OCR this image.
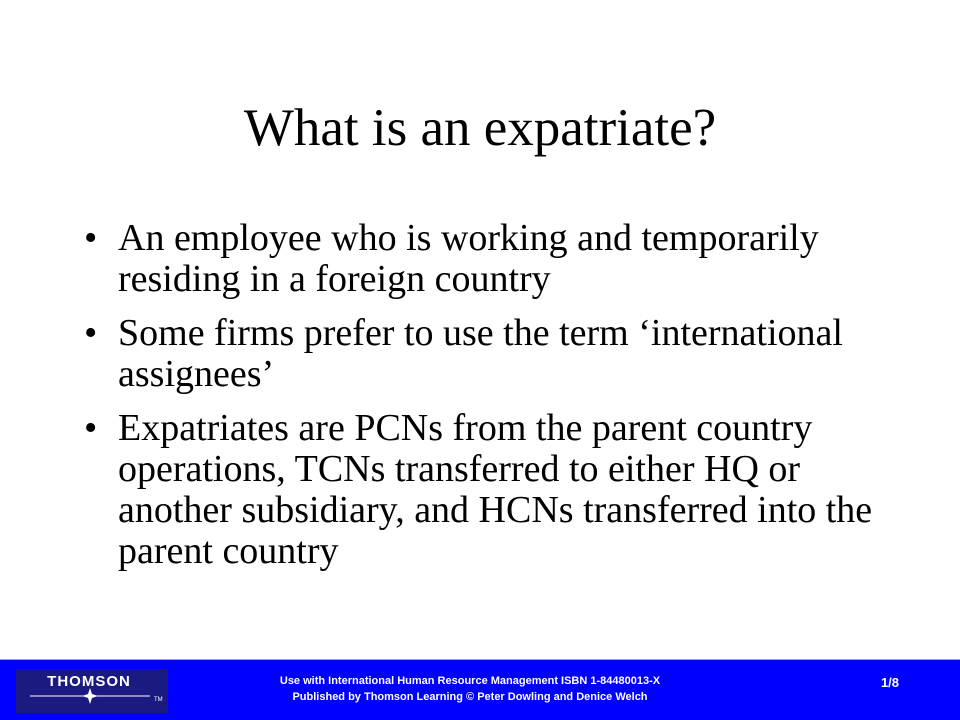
What is an expatriate?
• An employee who is working and temporarily residing in a foreign country
• Some firms prefer to use the term ‘international assignees’
• Expatriates are PCNs from the parent country operations, TCNs transferred to either HQ or another subsidiary, and HCNs transferred into the parent country
THOMSON
TM
Use with International Human Resource Management ISBN 1-84480013-X
Published by Thomson Learning © Peter Dowling and Denice Welch
1/8
